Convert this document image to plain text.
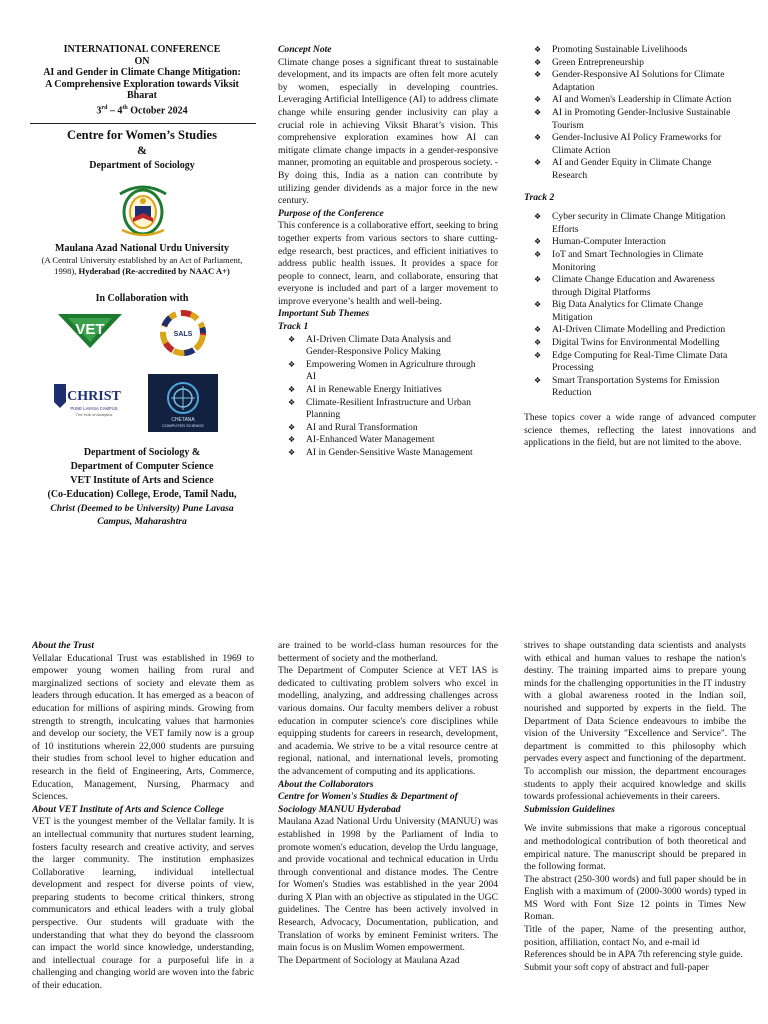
INTERNATIONAL CONFERENCE
ON
AI and Gender in Climate Change Mitigation:
A Comprehensive Exploration towards Viksit
Bharat
3rd – 4th October 2024
Centre for Women’s Studies
&
Department of Sociology
Maulana Azad National Urdu University
(A Central University established by an Act of Parliament,
1998), Hyderabad (Re-accredited by NAAC A+)
In Collaboration with
VET	SALS
CHRIST
PUNE LAVASA CAMPUS
The Hub of Analytics
CHETANA
COMPUTER SCIENCE
Department of Sociology &
Department of Computer Science
VET Institute of Arts and Science
(Co-Education) College, Erode, Tamil Nadu,
Christ (Deemed to be University) Pune Lavasa
Campus, Maharashtra
Concept Note

Climate change poses a significant threat to sustainable development, and its impacts are often felt more acutely by women, especially in developing countries. Leveraging Artificial Intelligence (AI) to address climate change while ensuring gender inclusivity can play a crucial role in achieving Viksit Bharat’s vision. This comprehensive exploration examines how AI can mitigate climate change impacts in a gender-responsive manner, promoting an equitable and prosperous society. - By doing this, India as a nation can contribute by utilizing gender dividends as a major force in the new century.

Purpose of the Conference

This conference is a collaborative effort, seeking to bring together experts from various sectors to share cutting-edge research, best practices, and efficient initiatives to address public health issues. It provides a space for people to connect, learn, and collaborate, ensuring that everyone is included and part of a larger movement to improve everyone’s health and well-being.

Important Sub Themes
Track 1
❖ AI-Driven Climate Data Analysis and Gender-Responsive Policy Making
❖ Empowering Women in Agriculture through AI
❖ AI in Renewable Energy Initiatives
❖ Climate-Resilient Infrastructure and Urban Planning
❖ AI and Rural Transformation
❖ AI-Enhanced Water Management
❖ AI in Gender-Sensitive Waste Management
❖ Promoting Sustainable Livelihoods
❖ Green Entrepreneurship
❖ Gender-Responsive AI Solutions for Climate Adaptation
❖ AI and Women's Leadership in Climate Action
❖ AI in Promoting Gender-Inclusive Sustainable Tourism
❖ Gender-Inclusive AI Policy Frameworks for Climate Action
❖ AI and Gender Equity in Climate Change Research
Track 2
❖ Cyber security in Climate Change Mitigation Efforts
❖ Human-Computer Interaction
❖ IoT and Smart Technologies in Climate Monitoring
❖ Climate Change Education and Awareness through Digital Platforms
❖ Big Data Analytics for Climate Change Mitigation
❖ AI-Driven Climate Modelling and Prediction
❖ Digital Twins for Environmental Modelling
❖ Edge Computing for Real-Time Climate Data Processing
❖ Smart Transportation Systems for Emission Reduction

These topics cover a wide range of advanced computer science themes, reflecting the latest innovations and applications in the field, but are not limited to the above.

About the Trust

Vellalar Educational Trust was established in 1969 to empower young women hailing from rural and marginalized sections of society and elevate them as leaders through education. It has emerged as a beacon of education for millions of aspiring minds. Growing from strength to strength, inculcating values that harmonies and develop our society, the VET family now is a group of 10 institutions wherein 22,000 students are pursuing their studies from school level to higher education and research in the field of Engineering, Arts, Commerce, Education, Management, Nursing, Pharmacy and Sciences.

About VET Institute of Arts and Science College

VET is the youngest member of the Vellalar family. It is an intellectual community that nurtures student learning, fosters faculty research and creative activity, and serves the larger community. The institution emphasizes Collaborative learning, individual intellectual development and respect for diverse points of view, preparing students to become critical thinkers, strong communicators and ethical leaders with a truly global perspective. Our students will graduate with the understanding that what they do beyond the classroom can impact the world since knowledge, understanding, and intellectual courage for a purposeful life in a challenging and changing world are woven into the fabric of their education.

are trained to be world-class human resources for the betterment of society and the motherland.

The Department of Computer Science at VET IAS is dedicated to cultivating problem solvers who excel in modelling, analyzing, and addressing challenges across various domains. Our faculty members deliver a robust education in computer science's core disciplines while equipping students for careers in research, development, and academia. We strive to be a vital resource centre at regional, national, and international levels, promoting the advancement of computing and its applications.

About the Collaborators
Centre for Women's Studies & Department of Sociology MANUU Hyderabad

Maulana Azad National Urdu University (MANUU) was established in 1998 by the Parliament of India to promote women's education, develop the Urdu language, and provide vocational and technical education in Urdu through conventional and distance modes. The Centre for Women's Studies was established in the year 2004 during X Plan with an objective as stipulated in the UGC guidelines. The Centre has been actively involved in Research, Advocacy, Documentation, publication, and Translation of works by eminent Feminist writers. The main focus is on Muslim Women empowerment.

The Department of Sociology at Maulana Azad

strives to shape outstanding data scientists and analysts with ethical and human values to reshape the nation's destiny. The training imparted aims to prepare young minds for the challenging opportunities in the IT industry with a global awareness rooted in the Indian soil, nourished and supported by experts in the field. The Department of Data Science endeavours to imbibe the vision of the University "Excellence and Service". The department is committed to this philosophy which pervades every aspect and functioning of the department. To accomplish our mission, the department encourages students to apply their acquired knowledge and skills towards professional achievements in their careers.

Submission Guidelines

We invite submissions that make a rigorous conceptual and methodological contribution of both theoretical and empirical nature. The manuscript should be prepared in the following format.

The abstract (250-300 words) and full paper should be in English with a maximum of (2000-3000 words) typed in MS Word with Font Size 12 points in Times New Roman.

Title of the paper, Name of the presenting author, position, affiliation, contact No, and e-mail id

References should be in APA 7th referencing style guide.

Submit your soft copy of abstract and full-paper
